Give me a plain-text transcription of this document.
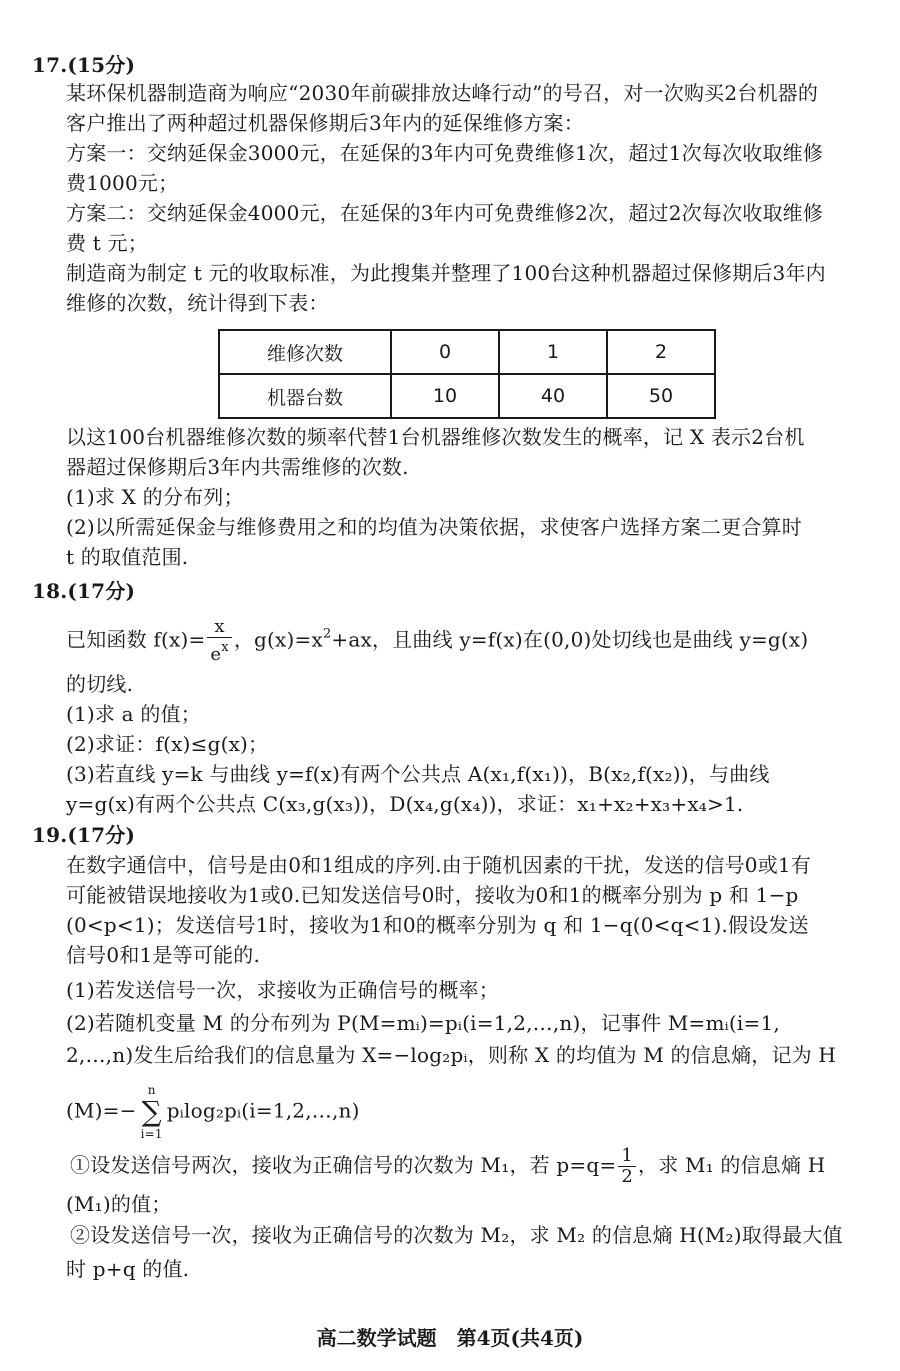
17.(15分)
某环保机器制造商为响应“2030年前碳排放达峰行动”的号召，对一次购买2台机器的
客户推出了两种超过机器保修期后3年内的延保维修方案：
方案一：交纳延保金3000元，在延保的3年内可免费维修1次，超过1次每次收取维修
费1000元；
方案二：交纳延保金4000元，在延保的3年内可免费维修2次，超过2次每次收取维修
费 t 元；
制造商为制定 t 元的收取标准，为此搜集并整理了100台这种机器超过保修期后3年内
维修的次数，统计得到下表：
维修次数	0	1	2
机器台数	10	40	50
以这100台机器维修次数的频率代替1台机器维修次数发生的概率，记 X 表示2台机
器超过保修期后3年内共需维修的次数.
(1)求 X 的分布列；
(2)以所需延保金与维修费用之和的均值为决策依据，求使客户选择方案二更合算时
t 的取值范围.
18.(17分)
已知函数 $f(x)= \frac{x}{e^x}$ ，$g(x)=x^2+ax$，且曲线 y=f(x)在(0,0)处切线也是曲线 y=g(x)
的切线.
(1)求 a 的值；
(2)求证：f(x)≤g(x)；
(3)若直线 y=k 与曲线 y=f(x)有两个公共点 A(x₁,f(x₁))，B(x₂,f(x₂))，与曲线
y=g(x)有两个公共点 C(x₃,g(x₃))，D(x₄,g(x₄))，求证：x₁+x₂+x₃+x₄>1.
19.(17分)
在数字通信中，信号是由0和1组成的序列.由于随机因素的干扰，发送的信号0或1有
可能被错误地接收为1或0.已知发送信号0时，接收为0和1的概率分别为 p 和 1−p
(0<p<1)；发送信号1时，接收为1和0的概率分别为 q 和 1−q(0<q<1).假设发送
信号0和1是等可能的.
(1)若发送信号一次，求接收为正确信号的概率；
(2)若随机变量 M 的分布列为 P(M=mᵢ)=pᵢ(i=1,2,…,n)，记事件 M=mᵢ(i=1,
2,…,n)发生后给我们的信息量为 X=−log₂pᵢ，则称 X 的均值为 M 的信息熵，记为 H
(M)=−
n
∑
i=1
pᵢlog₂pᵢ(i=1,2,…,n)
①设发送信号两次，接收为正确信号的次数为 M₁，若 $p=q= \frac{1}{2}$ ，求 M₁ 的信息熵 H
(M₁)的值；
②设发送信号一次，接收为正确信号的次数为 M₂，求 M₂ 的信息熵 H(M₂)取得最大值
时 p+q 的值.
高二数学试题　第4页(共4页)
